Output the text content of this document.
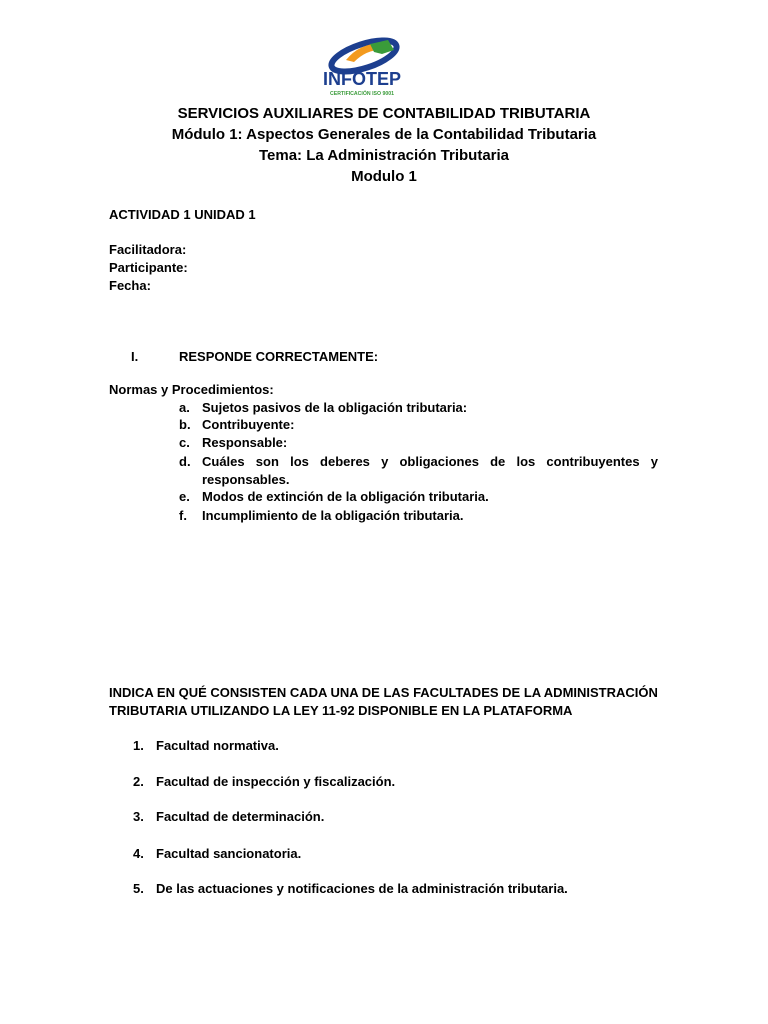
INFOTEP
CERTIFICACIÓN ISO 9001
SERVICIOS AUXILIARES DE CONTABILIDAD TRIBUTARIA
Módulo 1: Aspectos Generales de la Contabilidad Tributaria
Tema: La Administración Tributaria
Modulo 1
ACTIVIDAD 1 UNIDAD 1
Facilitadora:
Participante:
Fecha:
I.	RESPONDE CORRECTAMENTE:
Normas y Procedimientos:
a. Sujetos pasivos de la obligación tributaria:
b. Contribuyente:
c. Responsable:
d. Cuáles son los deberes y obligaciones de los contribuyentes y
responsables.
e. Modos de extinción de la obligación tributaria.
f. Incumplimiento de la obligación tributaria.
INDICA EN QUÉ CONSISTEN CADA UNA DE LAS FACULTADES DE LA ADMINISTRACIÓN
TRIBUTARIA UTILIZANDO LA LEY 11-92 DISPONIBLE EN LA PLATAFORMA
1. Facultad normativa.
2. Facultad de inspección y fiscalización.
3. Facultad de determinación.
4. Facultad sancionatoria.
5. De las actuaciones y notificaciones de la administración tributaria.
